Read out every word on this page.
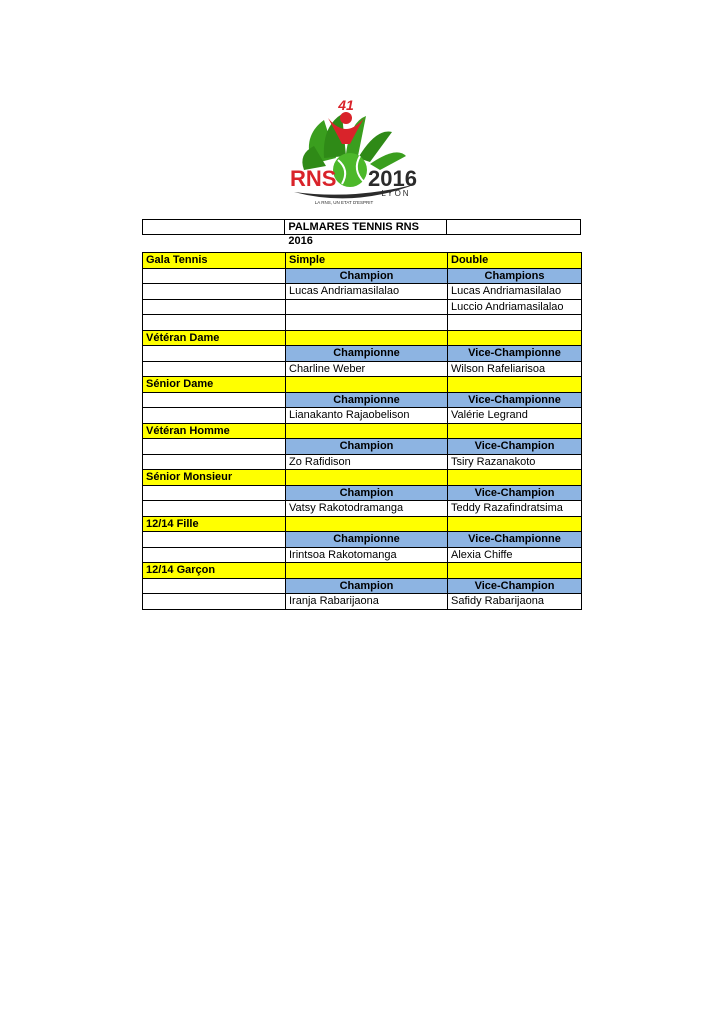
41
RNS 2016
LYON
LA RNS, UN ETAT D'ESPRIT
PALMARES TENNIS RNS 2016
Gala Tennis	Simple	Double
	Champion	Champions
	Lucas Andriamasilalao	Lucas Andriamasilalao
		Luccio Andriamasilalao

Vétéran Dame		
	Championne	Vice-Championne
	Charline Weber	Wilson Rafeliarisoa
Sénior Dame		
	Championne	Vice-Championne
	Lianakanto Rajaobelison	Valérie Legrand
Vétéran Homme		
	Champion	Vice-Champion
	Zo Rafidison	Tsiry Razanakoto
Sénior Monsieur		
	Champion	Vice-Champion
	Vatsy Rakotodramanga	Teddy Razafindratsima
12/14 Fille		
	Championne	Vice-Championne
	Irintsoa Rakotomanga	Alexia Chiffe
12/14 Garçon		
	Champion	Vice-Champion
	Iranja Rabarijaona	Safidy Rabarijaona
